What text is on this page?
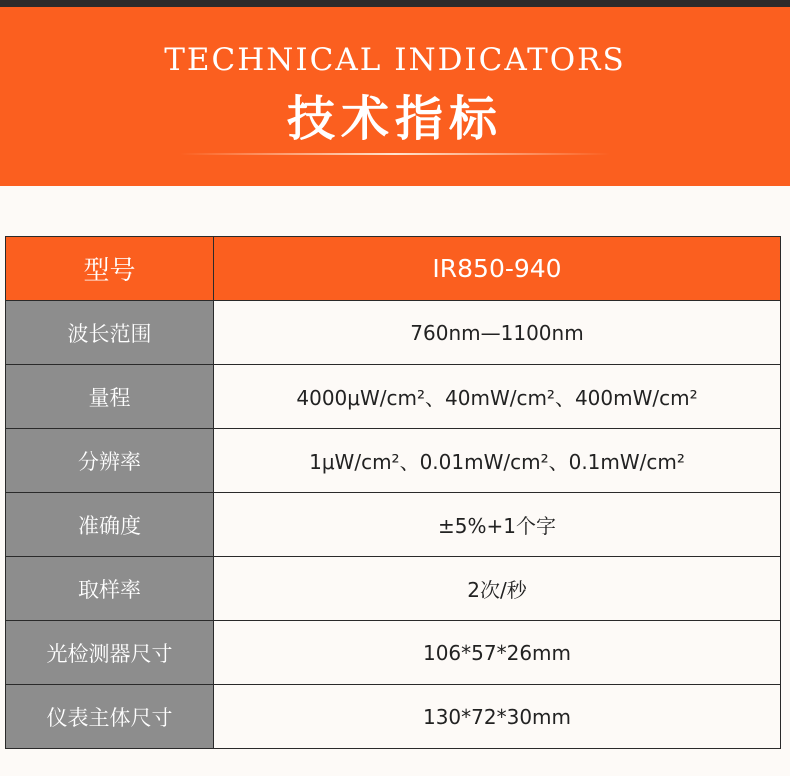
TECHNICAL INDICATORS
技术指标
型号	IR850-940
波长范围	760nm—1100nm
量程	4000μW/cm²、40mW/cm²、400mW/cm²
分辨率	1μW/cm²、0.01mW/cm²、0.1mW/cm²
准确度	±5%+1个字
取样率	2次/秒
光检测器尺寸	106*57*26mm
仪表主体尺寸	130*72*30mm
